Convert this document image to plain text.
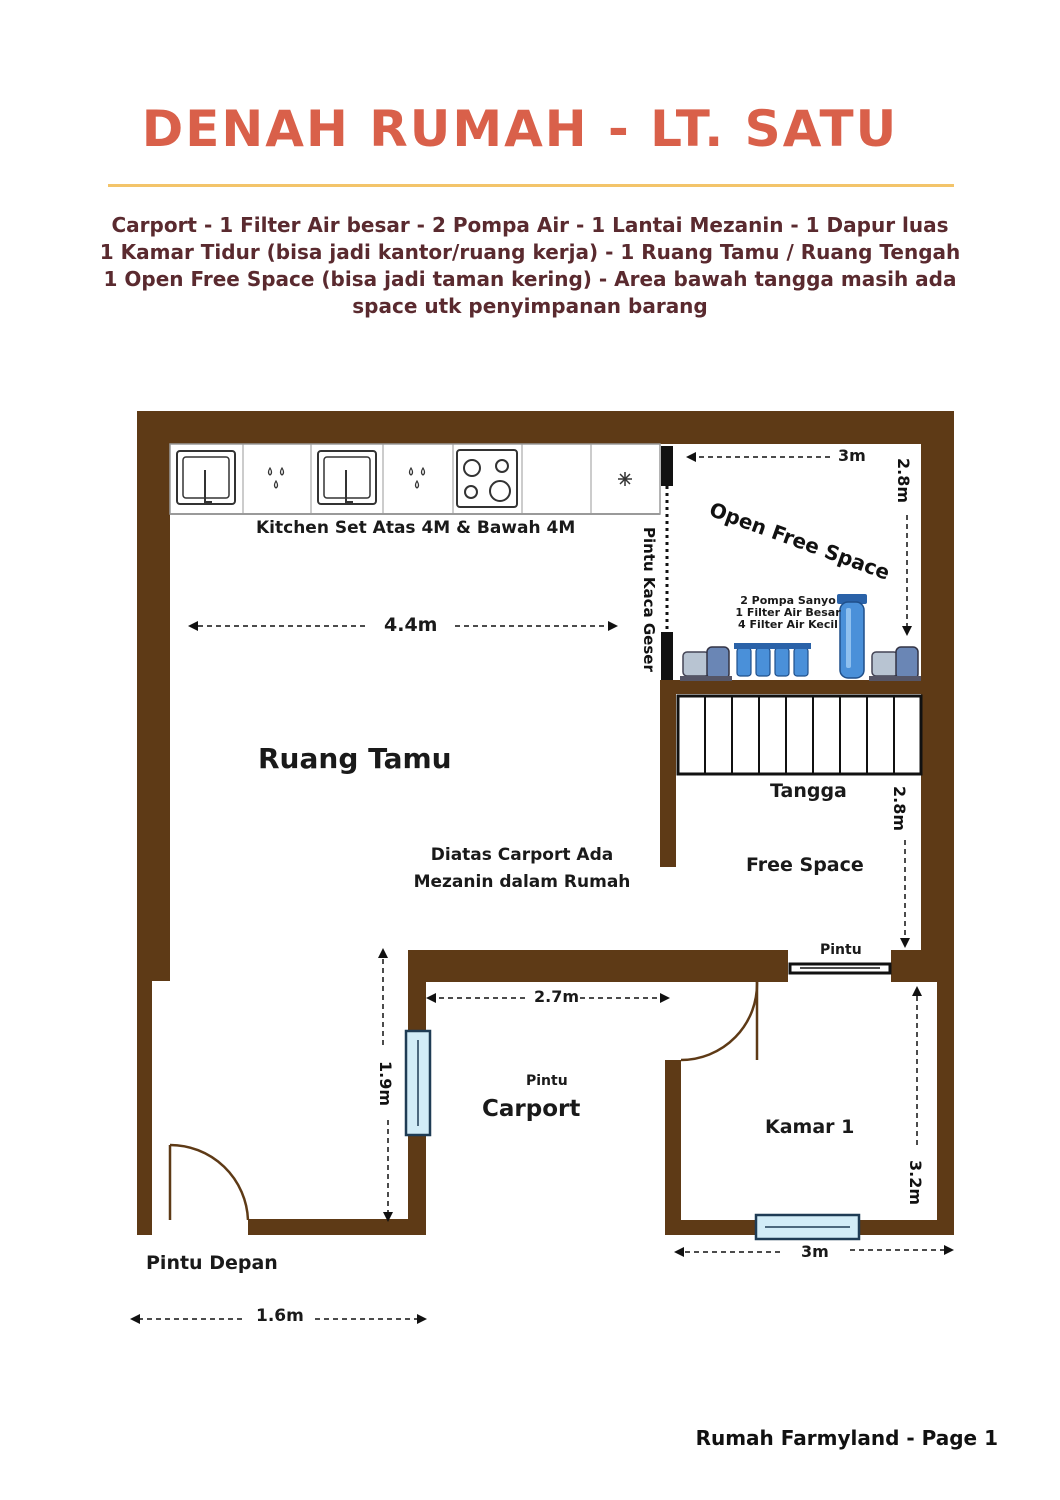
DENAH RUMAH - LT. SATU
Carport - 1 Filter Air besar - 2 Pompa Air - 1 Lantai Mezanin - 1 Dapur luas
1 Kamar Tidur (bisa jadi kantor/ruang kerja) - 1 Ruang Tamu / Ruang Tengah
1 Open Free Space (bisa jadi taman kering) - Area bawah tangga masih ada
space utk penyimpanan barang
Pintu Kaca Geser Open Free Space
2.8m
2.8m
1.9m
3.2m
Kitchen Set Atas 4M & Bawah 4M
4.4m
3m
2 Pompa Sanyo
1 Filter Air Besar
4 Filter Air Kecil
Ruang Tamu
Tangga
Diatas Carport Ada
Mezanin dalam Rumah
Free Space
Pintu
2.7m
Pintu
Carport
Kamar 1
3m
Pintu Depan
1.6m
Rumah Farmyland - Page 1
